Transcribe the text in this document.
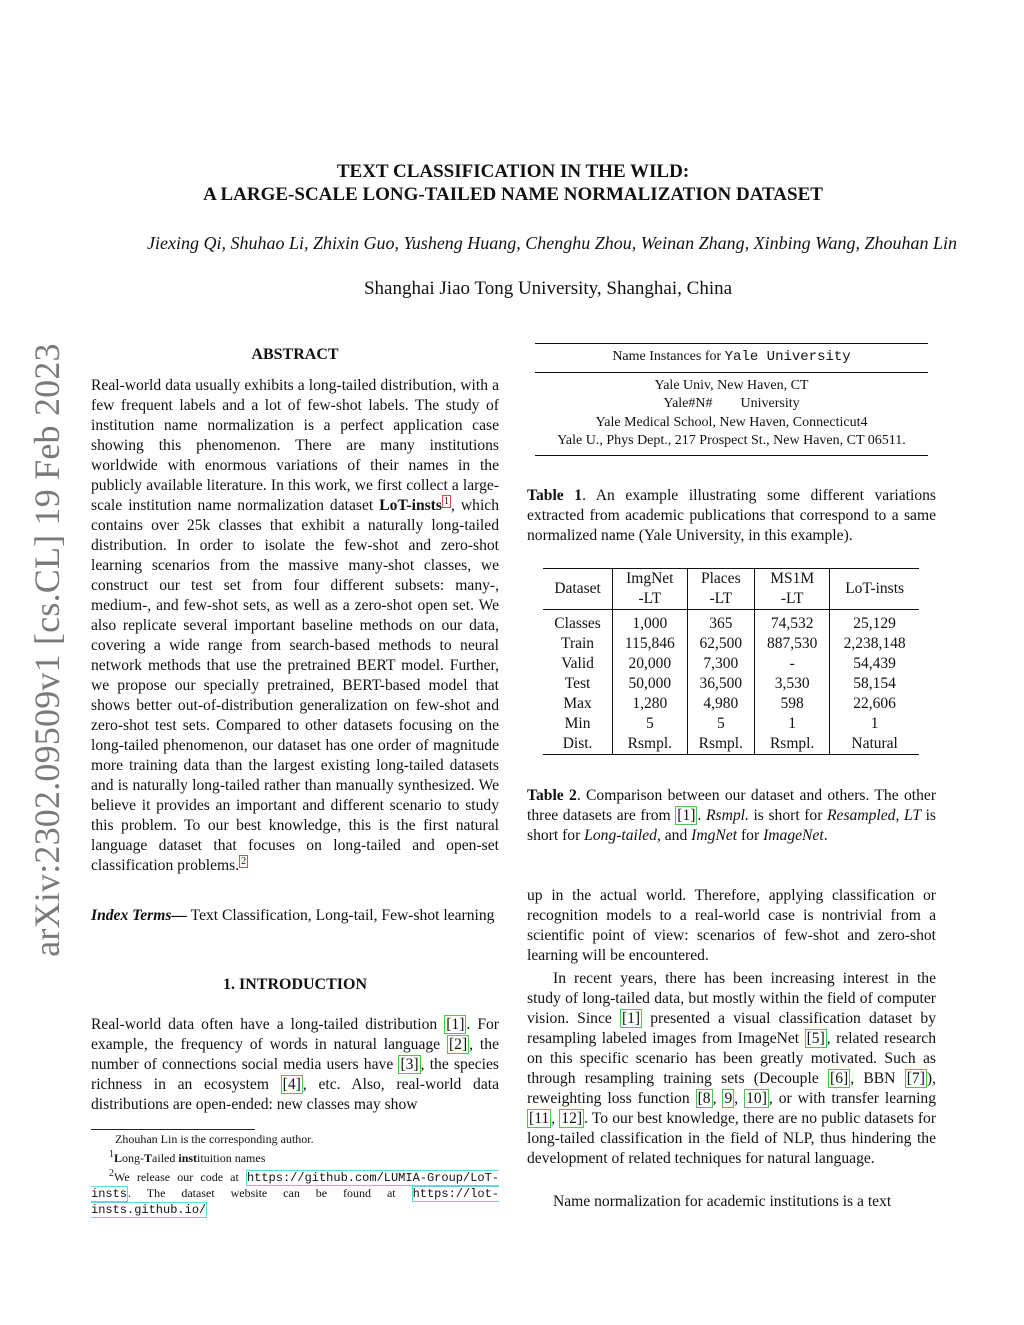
arXiv:2302.09509v1 [cs.CL] 19 Feb 2023
TEXT CLASSIFICATION IN THE WILD:
A LARGE-SCALE LONG-TAILED NAME NORMALIZATION DATASET
Jiexing Qi, Shuhao Li, Zhixin Guo, Yusheng Huang, Chenghu Zhou, Weinan Zhang, Xinbing Wang, Zhouhan Lin
Shanghai Jiao Tong University, Shanghai, China
ABSTRACT

Real-world data usually exhibits a long-tailed distribution, with a few frequent labels and a lot of few-shot labels. The study of institution name normalization is a perfect application case showing this phenomenon. There are many institutions worldwide with enormous variations of their names in the publicly available literature. In this work, we first collect a large-scale institution name normalization dataset LoT-insts $^1$ , which contains over 25k classes that exhibit a naturally long-tailed distribution. In order to isolate the few-shot and zero-shot learning scenarios from the massive many-shot classes, we construct our test set from four different subsets: many-, medium-, and few-shot sets, as well as a zero-shot open set. We also replicate several important baseline methods on our data, covering a wide range from search-based methods to neural network methods that use the pretrained BERT model. Further, we propose our specially pretrained, BERT-based model that shows better out-of-distribution generalization on few-shot and zero-shot test sets. Compared to other datasets focusing on the long-tailed phenomenon, our dataset has one order of magnitude more training data than the largest existing long-tailed datasets and is naturally long-tailed rather than manually synthesized. We believe it provides an important and different scenario to study this problem. To our best knowledge, this is the first natural language dataset that focuses on long-tailed and open-set classification problems. $^2$

Index Terms— Text Classification, Long-tail, Few-shot learning

1. INTRODUCTION

Real-world data often have a long-tailed distribution [1] . For example, the frequency of words in natural language [2] , the number of connections social media users have [3] , the species richness in an ecosystem [4] , etc. Also, real-world data distributions are open-ended: new classes may show

Zhouhan Lin is the corresponding author.
$^1$Long-Tailed instituition names
$^2$We release our code at https://github.com/LUMIA-Group/LoT-insts. The dataset website can be found at https://lot-insts.github.io/
Name Instances for Yale University
Yale Univ, New Haven, CT
Yale#N#        University
Yale Medical School, New Haven, Connecticut4
Yale U., Phys Dept., 217 Prospect St., New Haven, CT 06511.

Table 1. An example illustrating some different variations extracted from academic publications that correspond to a same normalized name (Yale University, in this example).

Dataset	ImgNet	Places	MS1M	LoT-insts
	-LT	-LT	-LT	
Classes	1,000	365	74,532	25,129
Train	115,846	62,500	887,530	2,238,148
Valid	20,000	7,300	-	54,439
Test	50,000	36,500	3,530	58,154
Max	1,280	4,980	598	22,606
Min	5	5	1	1
Dist.	Rsmpl.	Rsmpl.	Rsmpl.	Natural

Table 2. Comparison between our dataset and others. The other three datasets are from [1] . Rsmpl. is short for Resampled, LT is short for Long-tailed, and ImgNet for ImageNet.

up in the actual world. Therefore, applying classification or recognition models to a real-world case is nontrivial from a scientific point of view: scenarios of few-shot and zero-shot learning will be encountered.

In recent years, there has been increasing interest in the study of long-tailed data, but mostly within the field of computer vision. Since [1] presented a visual classification dataset by resampling labeled images from ImageNet [5] , related research on this specific scenario has been greatly motivated. Such as through resampling training sets (Decouple [6] , BBN [7] ), reweighting loss function [8 , 9 , 10] , or with transfer learning [11 , 12] . To our best knowledge, there are no public datasets for long-tailed classification in the field of NLP, thus hindering the development of related techniques for natural language.

Name normalization for academic institutions is a text
